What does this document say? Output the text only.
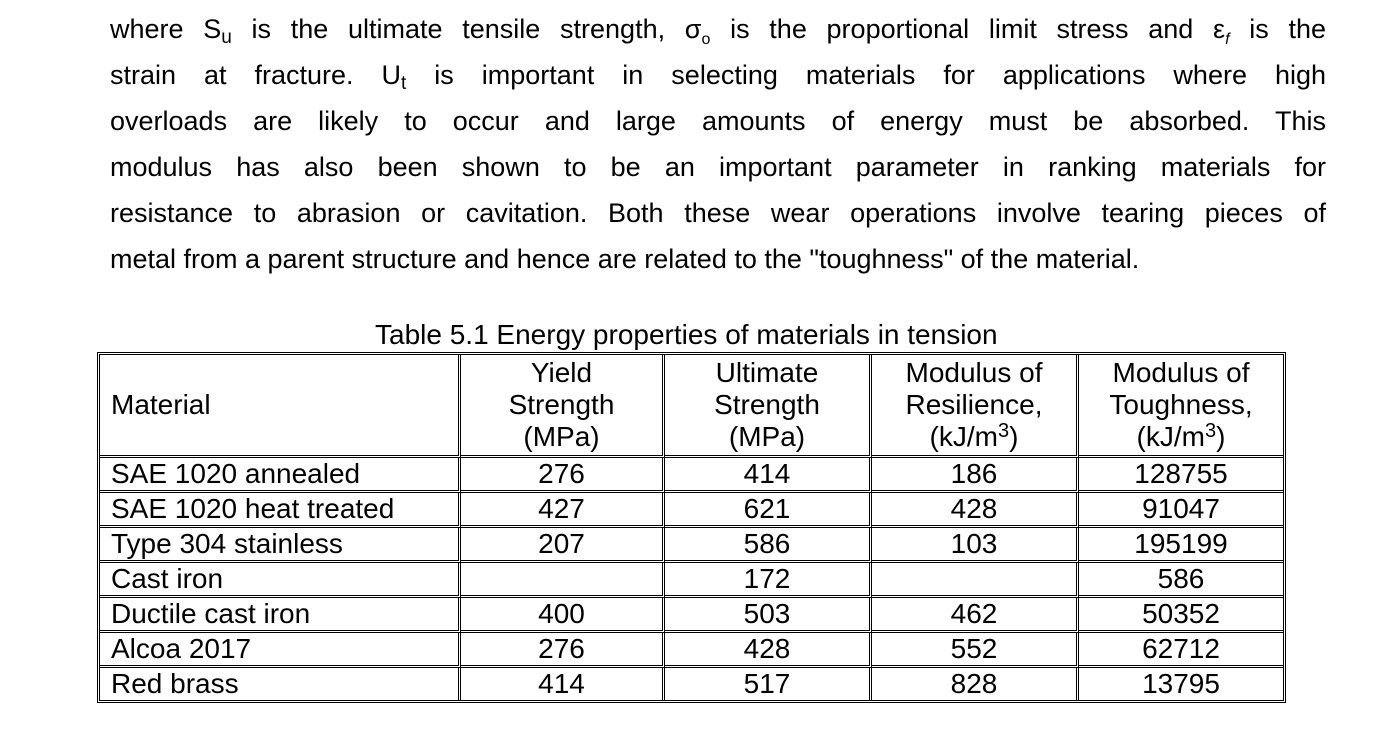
where $S_u$ is the ultimate tensile strength, $\sigma_o$ is the proportional limit stress and $\varepsilon_f$ is the
strain at fracture. $U_t$ is important in selecting materials for applications where high
overloads are likely to occur and large amounts of energy must be absorbed. This
modulus has also been shown to be an important parameter in ranking materials for
resistance to abrasion or cavitation. Both these wear operations involve tearing pieces of
metal from a parent structure and hence are related to the "toughness" of the material.
Table 5.1 Energy properties of materials in tension
Material	Yield
Strength
(MPa)	Ultimate
Strength
(MPa)	Modulus of
Resilience,
$(kJ/m^3)$	Modulus of
Toughness,
$(kJ/m^3)$

SAE 1020 annealed	276	414	186	128755
SAE 1020 heat treated	427	621	428	91047
Type 304 stainless	207	586	103	195199
Cast iron		172		586
Ductile cast iron	400	503	462	50352
Alcoa 2017	276	428	552	62712
Red brass	414	517	828	13795
